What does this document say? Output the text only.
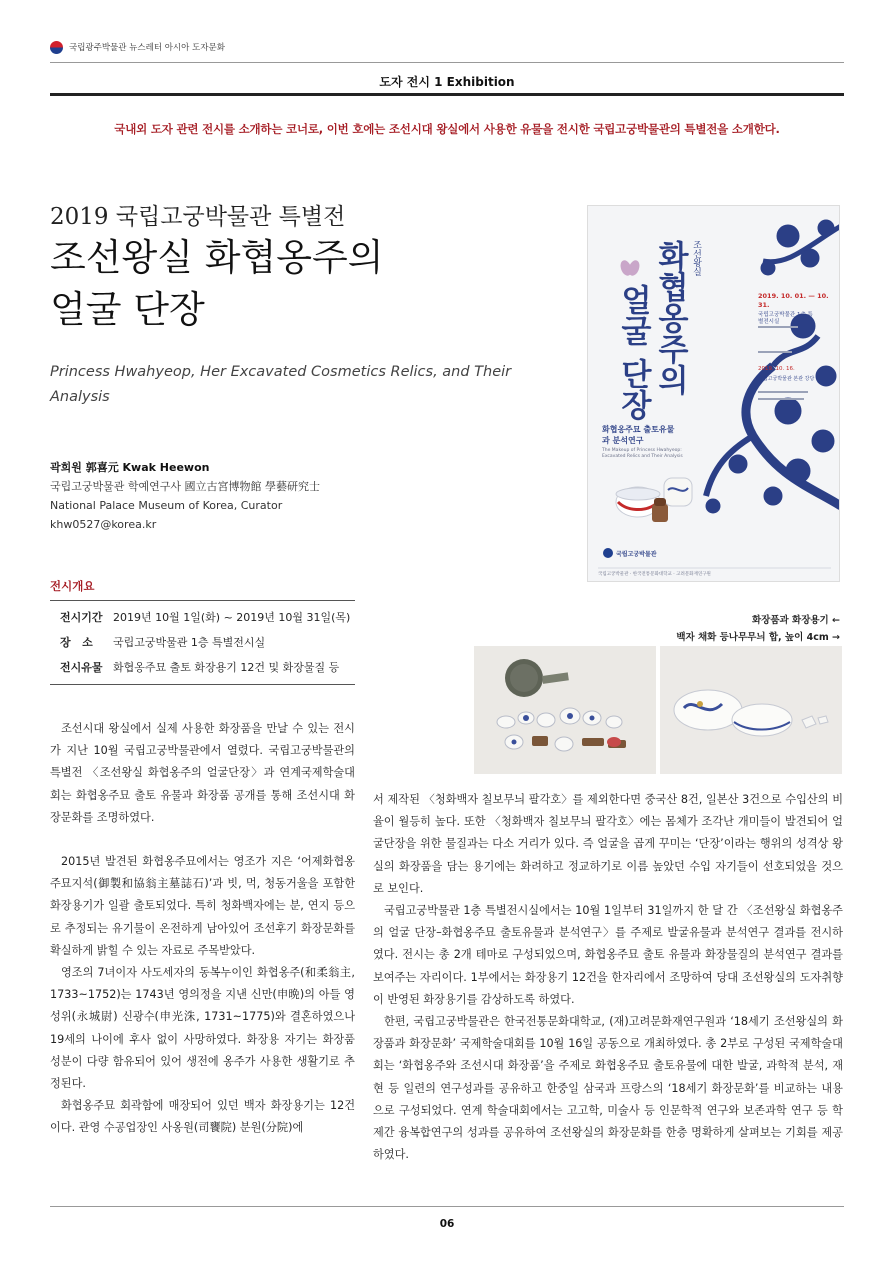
국립광주박물관 뉴스레터 아시아 도자문화
도자 전시 1 Exhibition
국내외 도자 관련 전시를 소개하는 코너로, 이번 호에는 조선시대 왕실에서 사용한 유물을 전시한 국립고궁박물관의 특별전을 소개한다.
2019 국립고궁박물관 특별전
조선왕실 화협옹주의
얼굴 단장
Princess Hwahyeop, Her Excavated Cosmetics Relics, and Their Analysis
곽희원 郭喜元 Kwak Heewon
국립고궁박물관 학예연구사 國立古宮博物館 學藝研究士
National Palace Museum of Korea, Curator
khw0527@korea.kr
조선왕실
화협옹주의
얼굴
단장
화협옹주묘 출토유물과 분석연구
The Makeup of Princess Hwahyeop: Excavated Relics and Their Analysis
2019. 10. 01. — 10. 31.
국립고궁박물관 1층 특별전시실
2019. 10. 16.
국립고궁박물관 본관 강당
국립고궁박물관
국립고궁박물관 · 한국전통문화대학교 · 고려문화재연구원
전시개요
전시기간 2019년 10월 1일(화) ~ 2019년 10월 31일(목)
장   소	국립고궁박물관 1층 특별전시실
전시유물 화협옹주묘 출토 화장용기 12건 및 화장물질 등
화장품과 화장용기 ←
백자 채화 등나무무늬 합, 높이 4cm →

조선시대 왕실에서 실제 사용한 화장품을 만날 수 있는 전시가 지난 10월 국립고궁박물관에서 열렸다. 국립고궁박물관의 특별전 〈조선왕실 화협옹주의 얼굴단장〉과 연계국제학술대회는 화협옹주묘 출토 유물과 화장품 공개를 통해 조선시대 화장문화를 조명하였다.

2015년 발견된 화협옹주묘에서는 영조가 지은 ‘어제화협옹주묘지석(御製和協翁主墓誌石)’과 빗, 먹, 청동거울을 포함한 화장용기가 일괄 출토되었다. 특히 청화백자에는 분, 연지 등으로 추정되는 유기물이 온전하게 남아있어 조선후기 화장문화를 확실하게 밝힐 수 있는 자료로 주목받았다.

영조의 7녀이자 사도세자의 동복누이인 화협옹주(和柔翁主, 1733~1752)는 1743년 영의정을 지낸 신만(申晩)의 아들 영성위(永城尉) 신광수(申光洙, 1731~1775)와 결혼하였으나 19세의 나이에 후사 없이 사망하였다. 화장용 자기는 화장품 성분이 다량 함유되어 있어 생전에 옹주가 사용한 생활기로 추정된다.

화협옹주묘 회곽함에 매장되어 있던 백자 화장용기는 12건이다. 관영 수공업장인 사옹원(司饔院) 분원(分院)에

서 제작된 〈청화백자 칠보무늬 팔각호〉를 제외한다면 중국산 8건, 일본산 3건으로 수입산의 비율이 월등히 높다. 또한 〈청화백자 칠보무늬 팔각호〉에는 몸체가 조각난 개미들이 발견되어 얼굴단장을 위한 물질과는 다소 거리가 있다. 즉 얼굴을 곱게 꾸미는 ‘단장’이라는 행위의 성격상 왕실의 화장품을 담는 용기에는 화려하고 정교하기로 이름 높았던 수입 자기들이 선호되었을 것으로 보인다.

국립고궁박물관 1층 특별전시실에서는 10월 1일부터 31일까지 한 달 간 〈조선왕실 화협옹주의 얼굴 단장–화협옹주묘 출토유물과 분석연구〉를 주제로 발굴유물과 분석연구 결과를 전시하였다. 전시는 총 2개 테마로 구성되었으며, 화협옹주묘 출토 유물과 화장물질의 분석연구 결과를 보여주는 자리이다. 1부에서는 화장용기 12건을 한자리에서 조망하여 당대 조선왕실의 도자취향이 반영된 화장용기를 감상하도록 하였다.

한편, 국립고궁박물관은 한국전통문화대학교, (재)고려문화재연구원과 ‘18세기 조선왕실의 화장품과 화장문화’ 국제학술대회를 10월 16일 공동으로 개최하였다. 총 2부로 구성된 국제학술대회는 ‘화협옹주와 조선시대 화장품’을 주제로 화협옹주묘 출토유물에 대한 발굴, 과학적 분석, 재현 등 일련의 연구성과를 공유하고 한중일 삼국과 프랑스의 ‘18세기 화장문화’를 비교하는 내용으로 구성되었다. 연계 학술대회에서는 고고학, 미술사 등 인문학적 연구와 보존과학 연구 등 학제간 융복합연구의 성과를 공유하여 조선왕실의 화장문화를 한층 명확하게 살펴보는 기회를 제공하였다.

06
